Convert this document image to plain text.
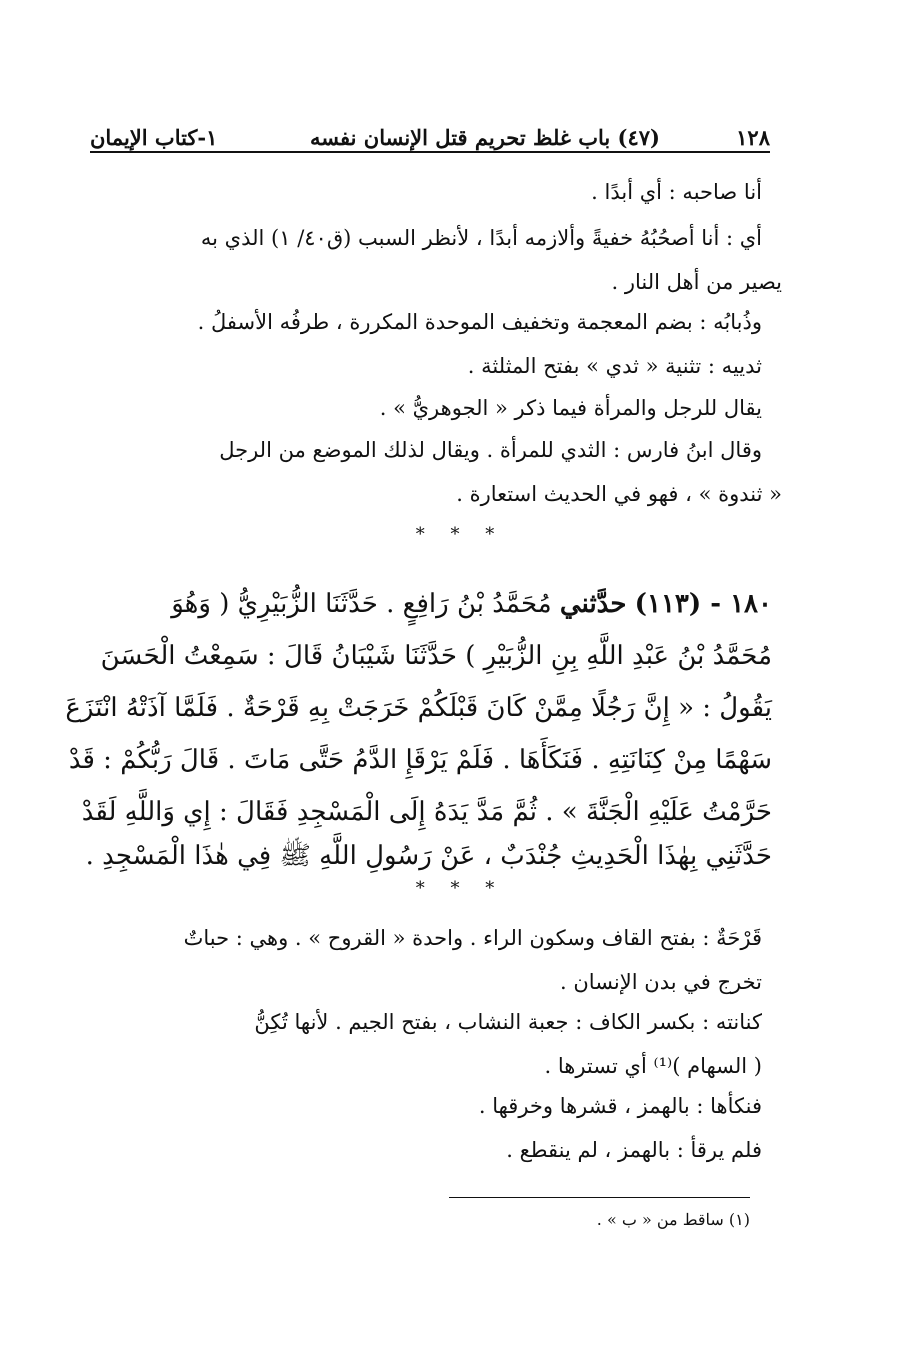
١٢٨
(٤٧) باب غلظ تحريم قتل الإنسان نفسه
١-كتاب الإيمان
أنا صاحبه : أي أبدًا .
أي : أنا أصحُبُهُ خفيةً وألازمه أبدًا ، لأنظر السبب (ق٤٠/ ١) الذي به
يصير من أهل النار .
وذُبابُه : بضم المعجمة وتخفيف الموحدة المكررة ، طرفُه الأسفلُ .
ثدييه : تثنية « ثدي » بفتح المثلثة .
يقال للرجل والمرأة فيما ذكر « الجوهريُّ » .
وقال ابنُ فارس : الثدي للمرأة . ويقال لذلك الموضع من الرجل
« ثندوة » ، فهو في الحديث استعارة .
* * *
١٨٠ - (١١٣) حدَّثني مُحَمَّدُ بْنُ رَافِعٍ . حَدَّثَنَا الزُّبَيْرِيُّ ( وَهُوَ
مُحَمَّدُ بْنُ عَبْدِ اللَّهِ بِنِ الزُّبَيْرِ ) حَدَّثَنَا شَيْبَانُ قَالَ : سَمِعْتُ الْحَسَنَ
يَقُولُ : « إِنَّ رَجُلًا مِمَّنْ كَانَ قَبْلَكُمْ خَرَجَتْ بِهِ قَرْحَةٌ . فَلَمَّا آذَتْهُ انْتَزَعَ
سَهْمًا مِنْ كِنَانَتِهِ . فَنَكَأَهَا . فَلَمْ يَرْقَإِ الدَّمُ حَتَّى مَاتَ . قَالَ رَبُّكُمْ : قَدْ
حَرَّمْتُ عَلَيْهِ الْجَنَّةَ » . ثُمَّ مَدَّ يَدَهُ إِلَى الْمَسْجِدِ فَقَالَ : إِي وَاللَّهِ لَقَدْ
حَدَّثَنِي بِهٰذَا الْحَدِيثِ جُنْدَبٌ ، عَنْ رَسُولِ اللَّهِ ﷺ فِي هٰذَا الْمَسْجِدِ .
* * *
قَرْحَةٌ : بفتح القاف وسكون الراء . واحدة « القروح » . وهي : حباتٌ
تخرج في بدن الإنسان .
كنانته : بكسر الكاف : جعبة النشاب ، بفتح الجيم . لأنها تُكِنُّ
( السهام )⁽¹⁾ أي تسترها .
فنكأها : بالهمز ، قشرها وخرقها .
فلم يرقأ : بالهمز ، لم ينقطع .
(١) ساقط من « ب » .
